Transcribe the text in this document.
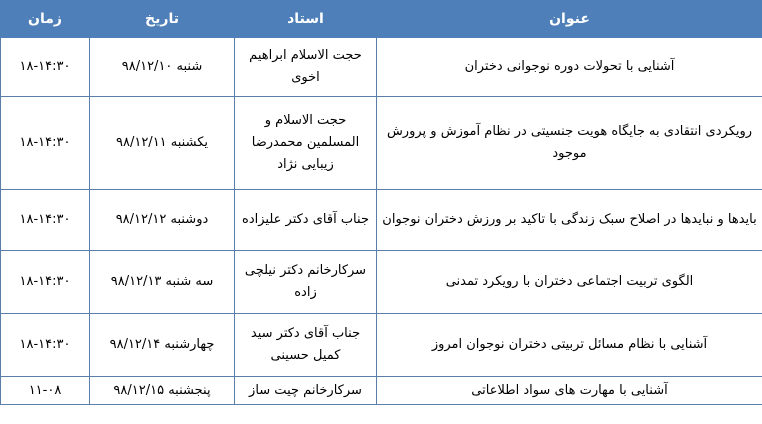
عنوان	استاد	تاریخ	زمان
آشنایی با تحولات دوره نوجوانی دختران	حجت الاسلام ابراهیم اخوی	شنبه ۹۸/۱۲/۱۰	۱۸-۱۴:۳۰
رویکردی انتقادی به جایگاه هویت جنسیتی در نظام آموزش و پرورش موجود	حجت الاسلام و المسلمین محمدرضا زیبایی نژاد	یکشنبه ۹۸/۱۲/۱۱	۱۸-۱۴:۳۰
بایدها و نبایدها در اصلاح سبک زندگی با تاکید بر ورزش دختران نوجوان	جناب آقای دکتر علیزاده	دوشنبه ۹۸/۱۲/۱۲	۱۸-۱۴:۳۰
الگوی تربیت اجتماعی دختران با رویکرد تمدنی	سرکارخانم دکتر نیلچی زاده	سه شنبه ۹۸/۱۲/۱۳	۱۸-۱۴:۳۰
آشنایی با نظام مسائل تربیتی دختران نوجوان امروز	جناب آقای دکتر سید کمیل حسینی	چهارشنبه ۹۸/۱۲/۱۴	۱۸-۱۴:۳۰
آشنایی با مهارت های سواد اطلاعاتی	سرکارخانم چیت ساز	پنجشنبه ۹۸/۱۲/۱۵	۱۱-۰۸
